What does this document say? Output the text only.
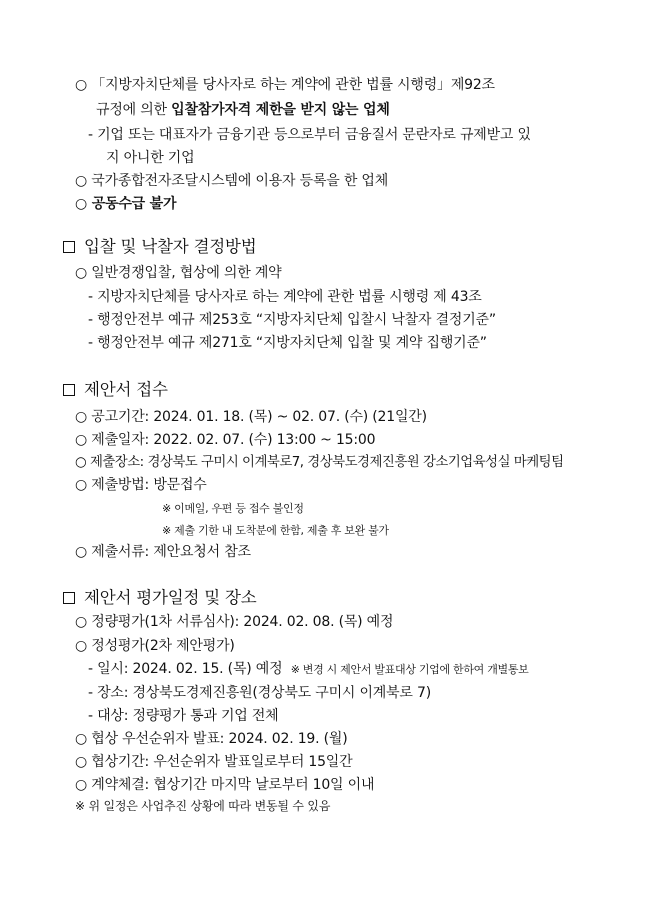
○ 「지방자치단체를 당사자로 하는 계약에 관한 법률 시행령」제92조
규정에 의한 입찰참가자격 제한을 받지 않는 업체
- 기업 또는 대표자가 금융기관 등으로부터 금융질서 문란자로 규제받고 있
지 아니한 기업
○ 국가종합전자조달시스템에 이용자 등록을 한 업체
○ 공동수급 불가
입찰 및 낙찰자 결정방법
○ 일반경쟁입찰, 협상에 의한 계약
- 지방자치단체를 당사자로 하는 계약에 관한 법률 시행령 제 43조
- 행정안전부 예규 제253호 “지방자치단체 입찰시 낙찰자 결정기준”
- 행정안전부 예규 제271호 “지방자치단체 입찰 및 계약 집행기준”
제안서 접수
○ 공고기간: 2024. 01. 18. (목) ~ 02. 07. (수) (21일간)
○ 제출일자: 2022. 02. 07. (수) 13:00 ~ 15:00
○ 제출장소: 경상북도 구미시 이계북로7, 경상북도경제진흥원 강소기업육성실 마케팅팀
○ 제출방법: 방문접수
※ 이메일, 우편 등 접수 불인정
※ 제출 기한 내 도착분에 한함, 제출 후 보완 불가
○ 제출서류: 제안요청서 참조
제안서 평가일정 및 장소
○ 정량평가(1차 서류심사): 2024. 02. 08. (목) 예정
○ 정성평가(2차 제안평가)
- 일시: 2024. 02. 15. (목) 예정 ※ 변경 시 제안서 발표대상 기업에 한하여 개별통보
- 장소: 경상북도경제진흥원(경상북도 구미시 이계북로 7)
- 대상: 정량평가 통과 기업 전체
○ 협상 우선순위자 발표: 2024. 02. 19. (월)
○ 협상기간: 우선순위자 발표일로부터 15일간
○ 계약체결: 협상기간 마지막 날로부터 10일 이내
※ 위 일정은 사업추진 상황에 따라 변동될 수 있음
